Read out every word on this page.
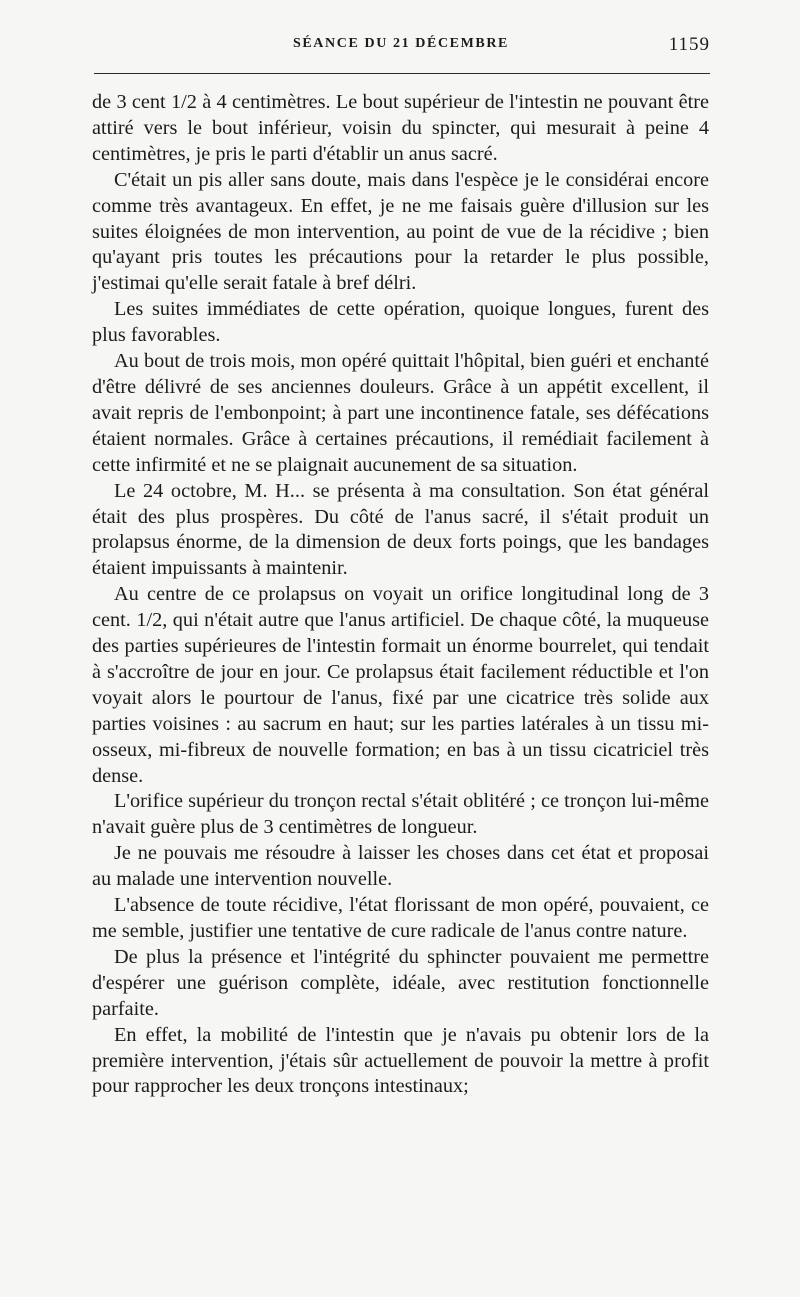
SÉANCE DU 21 DÉCEMBRE	1159

de 3 cent 1/2 à 4 centimètres. Le bout supérieur de l'intestin ne pouvant être attiré vers le bout inférieur, voisin du spincter, qui mesurait à peine 4 centimètres, je pris le parti d'établir un anus sacré.

C'était un pis aller sans doute, mais dans l'espèce je le considérai encore comme très avantageux. En effet, je ne me faisais guère d'illusion sur les suites éloignées de mon intervention, au point de vue de la récidive ; bien qu'ayant pris toutes les précautions pour la retarder le plus possible, j'estimai qu'elle serait fatale à bref délri.

Les suites immédiates de cette opération, quoique longues, furent des plus favorables.

Au bout de trois mois, mon opéré quittait l'hôpital, bien guéri et enchanté d'être délivré de ses anciennes douleurs. Grâce à un appétit excellent, il avait repris de l'embonpoint; à part une incontinence fatale, ses défécations étaient normales. Grâce à certaines précautions, il remédiait facilement à cette infirmité et ne se plaignait aucunement de sa situation.

Le 24 octobre, M. H... se présenta à ma consultation. Son état général était des plus prospères. Du côté de l'anus sacré, il s'était produit un prolapsus énorme, de la dimension de deux forts poings, que les bandages étaient impuissants à maintenir.

Au centre de ce prolapsus on voyait un orifice longitudinal long de 3 cent. 1/2, qui n'était autre que l'anus artificiel. De chaque côté, la muqueuse des parties supérieures de l'intestin formait un énorme bourrelet, qui tendait à s'accroître de jour en jour. Ce prolapsus était facilement réductible et l'on voyait alors le pourtour de l'anus, fixé par une cicatrice très solide aux parties voisines : au sacrum en haut; sur les parties latérales à un tissu mi-osseux, mi-fibreux de nouvelle formation; en bas à un tissu cicatriciel très dense.

L'orifice supérieur du tronçon rectal s'était oblitéré ; ce tronçon lui-même n'avait guère plus de 3 centimètres de longueur.

Je ne pouvais me résoudre à laisser les choses dans cet état et proposai au malade une intervention nouvelle.

L'absence de toute récidive, l'état florissant de mon opéré, pouvaient, ce me semble, justifier une tentative de cure radicale de l'anus contre nature.

De plus la présence et l'intégrité du sphincter pouvaient me permettre d'espérer une guérison complète, idéale, avec restitution fonctionnelle parfaite.

En effet, la mobilité de l'intestin que je n'avais pu obtenir lors de la première intervention, j'étais sûr actuellement de pouvoir la mettre à profit pour rapprocher les deux tronçons intestinaux;
